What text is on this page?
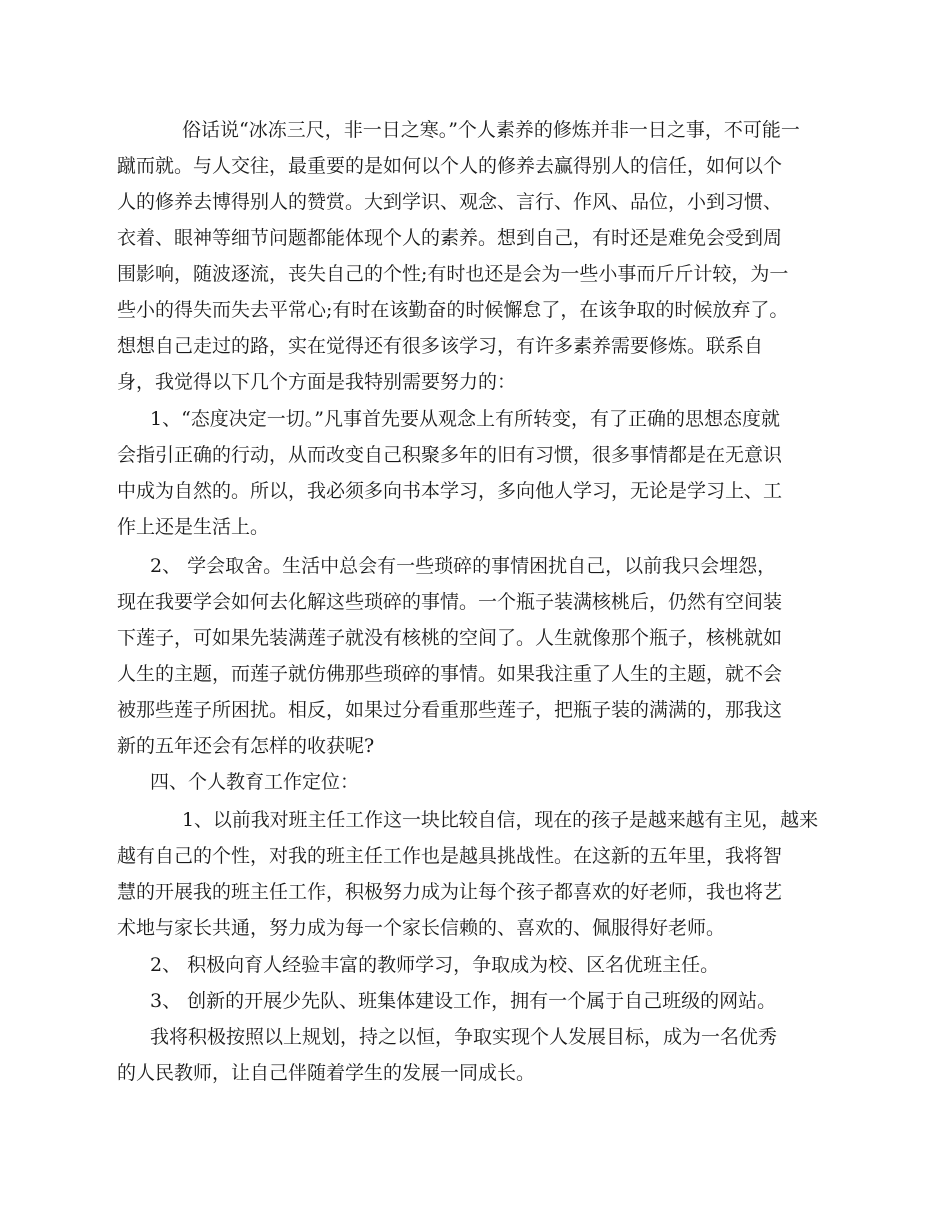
俗话说“冰冻三尺，非一日之寒。”个人素养的修炼并非一日之事，不可能一
蹴而就。与人交往，最重要的是如何以个人的修养去赢得别人的信任，如何以个
人的修养去博得别人的赞赏。大到学识、观念、言行、作风、品位，小到习惯、
衣着、眼神等细节问题都能体现个人的素养。想到自己，有时还是难免会受到周
围影响，随波逐流，丧失自己的个性;有时也还是会为一些小事而斤斤计较，为一
些小的得失而失去平常心;有时在该勤奋的时候懈怠了，在该争取的时候放弃了。
想想自己走过的路，实在觉得还有很多该学习，有许多素养需要修炼。联系自
身，我觉得以下几个方面是我特别需要努力的：
1、“态度决定一切。”凡事首先要从观念上有所转变，有了正确的思想态度就
会指引正确的行动，从而改变自己积聚多年的旧有习惯，很多事情都是在无意识
中成为自然的。所以，我必须多向书本学习，多向他人学习，无论是学习上、工
作上还是生活上。
2、 学会取舍。生活中总会有一些琐碎的事情困扰自己，以前我只会埋怨，
现在我要学会如何去化解这些琐碎的事情。一个瓶子装满核桃后，仍然有空间装
下莲子，可如果先装满莲子就没有核桃的空间了。人生就像那个瓶子，核桃就如
人生的主题，而莲子就仿佛那些琐碎的事情。如果我注重了人生的主题，就不会
被那些莲子所困扰。相反，如果过分看重那些莲子，把瓶子装的满满的，那我这
新的五年还会有怎样的收获呢?
四、个人教育工作定位：
1、以前我对班主任工作这一块比较自信，现在的孩子是越来越有主见，越来
越有自己的个性，对我的班主任工作也是越具挑战性。在这新的五年里，我将智
慧的开展我的班主任工作，积极努力成为让每个孩子都喜欢的好老师，我也将艺
术地与家长共通，努力成为每一个家长信赖的、喜欢的、佩服得好老师。
2、 积极向育人经验丰富的教师学习，争取成为校、区名优班主任。
3、 创新的开展少先队、班集体建设工作，拥有一个属于自己班级的网站。
我将积极按照以上规划，持之以恒，争取实现个人发展目标，成为一名优秀
的人民教师，让自己伴随着学生的发展一同成长。
